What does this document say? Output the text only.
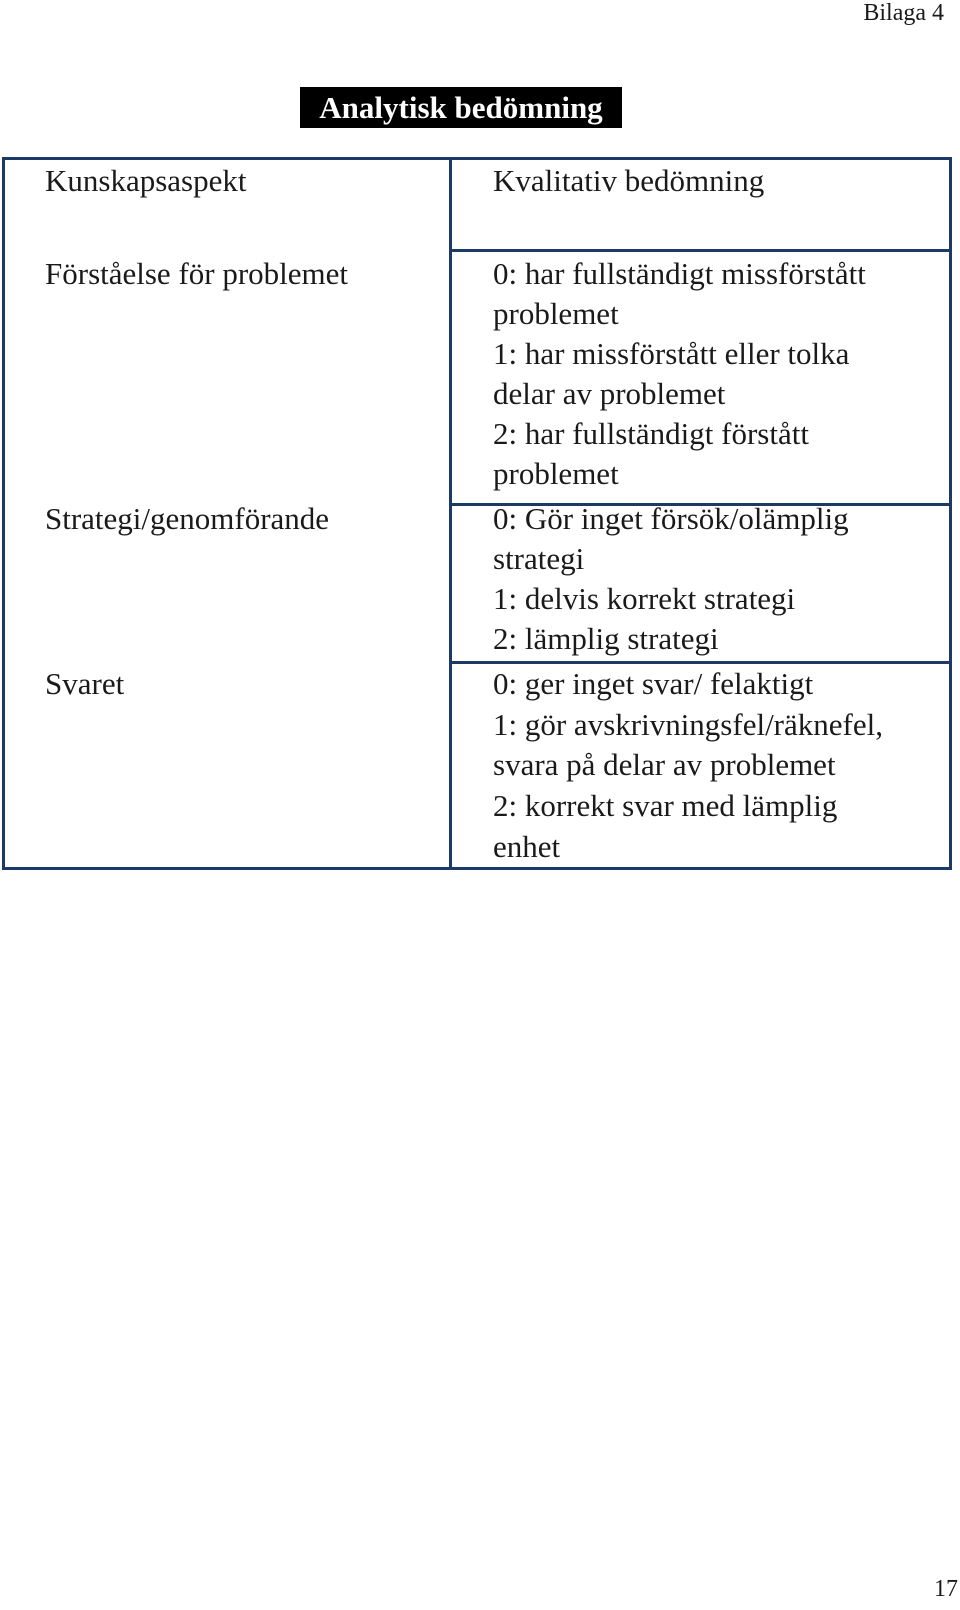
Bilaga 4
Analytisk bedömning
Kunskapsaspekt	Kvalitativ bedömning
Förståelse för problemet	0: har fullständigt missförstått
problemet
1: har missförstått eller tolka
delar av problemet
2: har fullständigt förstått
problemet
Strategi/genomförande	0: Gör inget försök/olämplig
strategi
1: delvis korrekt strategi
2: lämplig strategi
Svaret	0: ger inget svar/ felaktigt
1: gör avskrivningsfel/räknefel,
svara på delar av problemet
2: korrekt svar med lämplig
enhet
17
